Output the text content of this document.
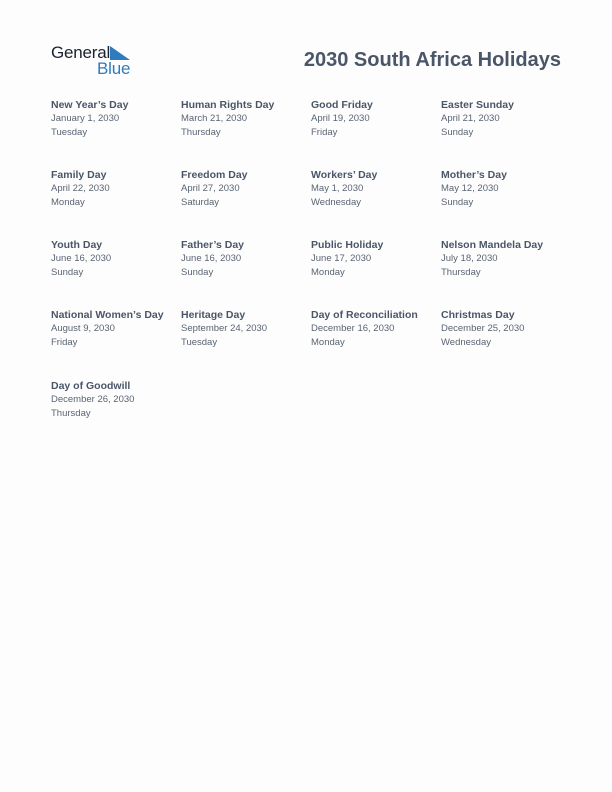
General
Blue	2030 South Africa Holidays
New Year’s Day
January 1, 2030
Tuesday
Human Rights Day
March 21, 2030
Thursday
Good Friday
April 19, 2030
Friday
Easter Sunday
April 21, 2030
Sunday
Family Day
April 22, 2030
Monday
Freedom Day
April 27, 2030
Saturday
Workers’ Day
May 1, 2030
Wednesday
Mother’s Day
May 12, 2030
Sunday
Youth Day
June 16, 2030
Sunday
Father’s Day
June 16, 2030
Sunday
Public Holiday
June 17, 2030
Monday
Nelson Mandela Day
July 18, 2030
Thursday
National Women’s Day
August 9, 2030
Friday
Heritage Day
September 24, 2030
Tuesday
Day of Reconciliation
December 16, 2030
Monday
Christmas Day
December 25, 2030
Wednesday
Day of Goodwill
December 26, 2030
Thursday
